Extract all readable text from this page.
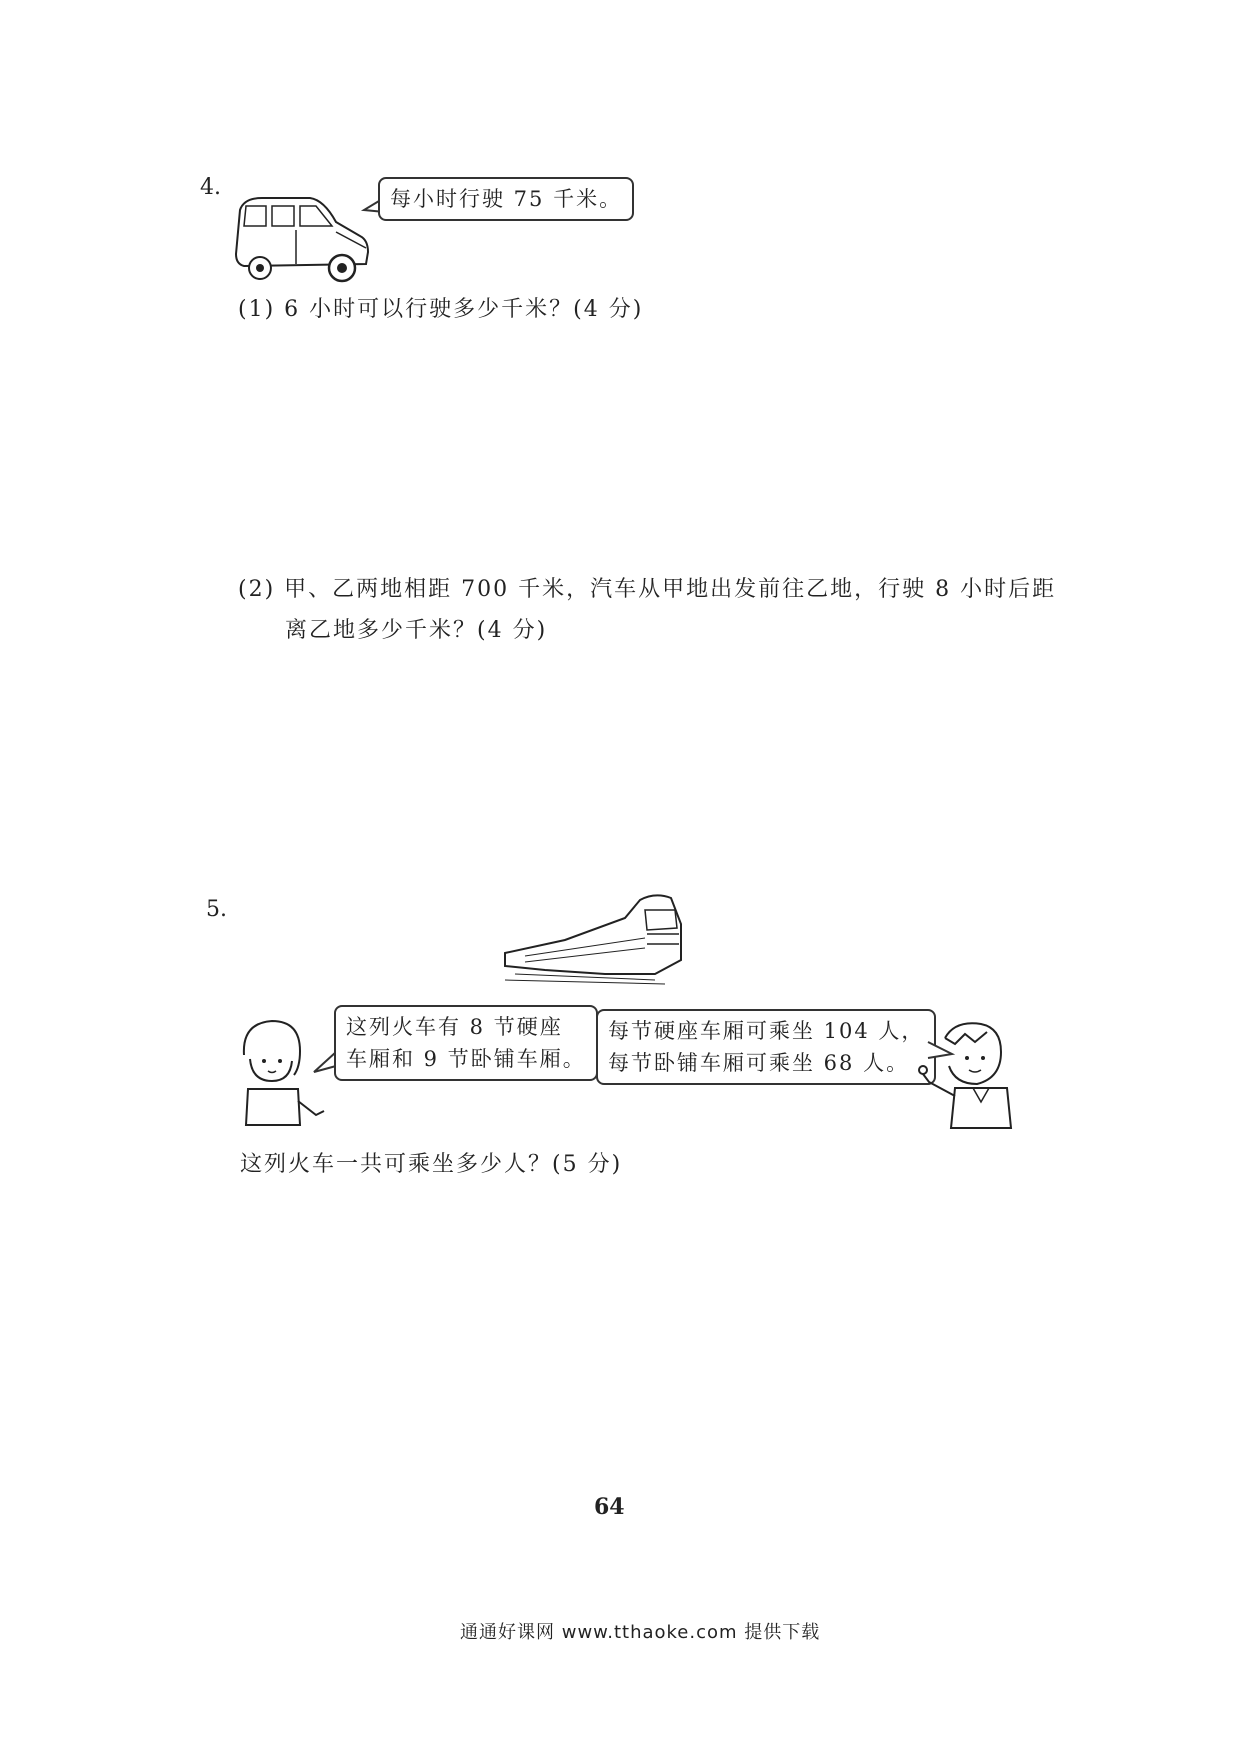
4.	每小时行驶 75 千米。
(1) 6 小时可以行驶多少千米？(4 分)
(2) 甲、乙两地相距 700 千米，汽车从甲地出发前往乙地，行驶 8 小时后距
离乙地多少千米？(4 分)
5.
这列火车有 8 节硬座
车厢和 9 节卧铺车厢。
每节硬座车厢可乘坐 104 人，
每节卧铺车厢可乘坐 68 人。
这列火车一共可乘坐多少人？(5 分)
64
通通好课网 www.tthaoke.com 提供下载
